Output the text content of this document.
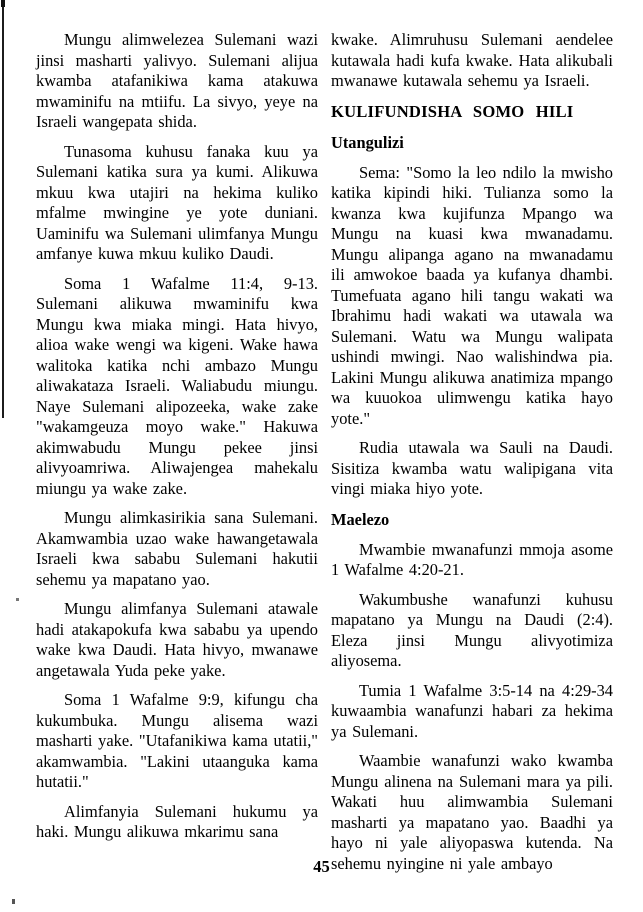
Mungu alimwelezea Sulemani wazi jinsi masharti yalivyo. Sulemani alijua kwamba atafanikiwa kama atakuwa mwaminifu na mtiifu. La sivyo, yeye na Israeli wangepata shida.

Tunasoma kuhusu fanaka kuu ya Sulemani katika sura ya kumi. Alikuwa mkuu kwa utajiri na hekima kuliko mfalme mwingine ye yote duniani. Uaminifu wa Sulemani ulimfanya Mungu amfanye kuwa mkuu kuliko Daudi.

Soma 1 Wafalme 11:4, 9-13. Sulemani alikuwa mwaminifu kwa Mungu kwa miaka mingi. Hata hivyo, alioa wake wengi wa kigeni. Wake hawa walitoka katika nchi ambazo Mungu aliwakataza Israeli. Waliabudu miungu. Naye Sulemani alipozeeka, wake zake "wakamgeuza moyo wake." Hakuwa akimwabudu Mungu pekee jinsi alivyoamriwa. Aliwajengea mahekalu miungu ya wake zake.

Mungu alimkasirikia sana Sulemani. Akamwambia uzao wake hawangetawala Israeli kwa sababu Sulemani hakutii sehemu ya mapatano yao.

Mungu alimfanya Sulemani atawale hadi atakapokufa kwa sababu ya upendo wake kwa Daudi. Hata hivyo, mwanawe angetawala Yuda peke yake.

Soma 1 Wafalme 9:9, kifungu cha kukumbuka. Mungu alisema wazi masharti yake. "Utafanikiwa kama utatii," akamwambia. "Lakini utaanguka kama hutatii."

Alimfanyia Sulemani hukumu ya haki. Mungu alikuwa mkarimu sana

kwake. Alimruhusu Sulemani aendelee kutawala hadi kufa kwake. Hata alikubali mwanawe kutawala sehemu ya Israeli.

KULIFUNDISHA SOMO HILI
Utangulizi

Sema: "Somo la leo ndilo la mwisho katika kipindi hiki. Tulianza somo la kwanza kwa kujifunza Mpango wa Mungu na kuasi kwa mwanadamu. Mungu alipanga agano na mwanadamu ili amwokoe baada ya kufanya dhambi. Tumefuata agano hili tangu wakati wa Ibrahimu hadi wakati wa utawala wa Sulemani. Watu wa Mungu walipata ushindi mwingi. Nao walishindwa pia. Lakini Mungu alikuwa anatimiza mpango wa kuuokoa ulimwengu katika hayo yote."

Rudia utawala wa Sauli na Daudi. Sisitiza kwamba watu walipigana vita vingi miaka hiyo yote.

Maelezo

Mwambie mwanafunzi mmoja asome 1 Wafalme 4:20-21.

Wakumbushe wanafunzi kuhusu mapatano ya Mungu na Daudi (2:4). Eleza jinsi Mungu alivyotimiza aliyosema.

Tumia 1 Wafalme 3:5-14 na 4:29-34 kuwaambia wanafunzi habari za hekima ya Sulemani.

Waambie wanafunzi wako kwamba Mungu alinena na Sulemani mara ya pili. Wakati huu alimwambia Sulemani masharti ya mapatano yao. Baadhi ya hayo ni yale aliyopaswa kutenda. Na sehemu nyingine ni yale ambayo

45
